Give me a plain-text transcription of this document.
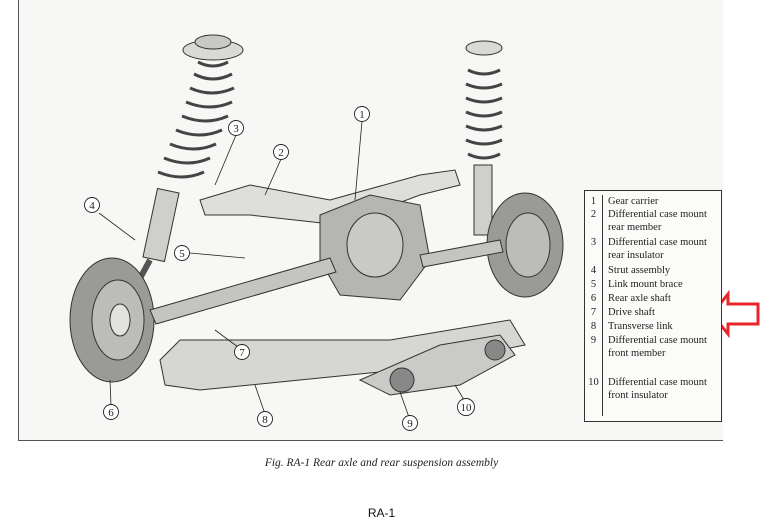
1
2
3
4
5
6
7
8	9
10
1	Gear carrier
2	Differential case mount rear member
3	Differential case mount rear insulator
4	Strut assembly
5	Link mount brace
6	Rear axle shaft
7	Drive shaft
8	Transverse link
9	Differential case mount front member
10 Differential case mount front insulator
Fig. RA-1 Rear axle and rear suspension assembly
RA-1
